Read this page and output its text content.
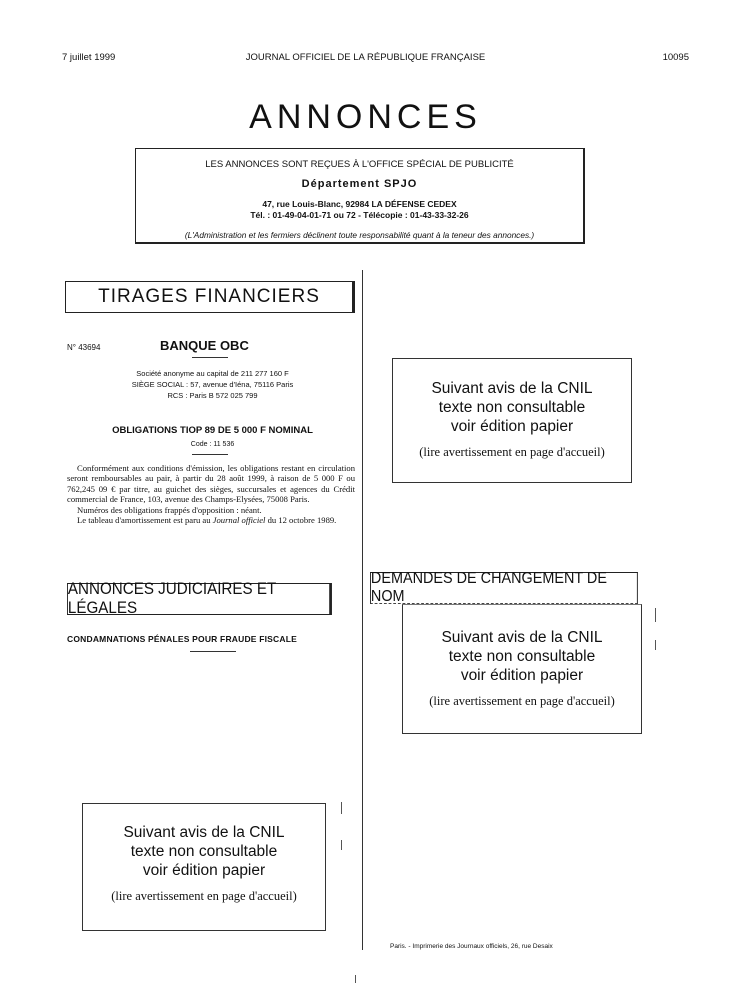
7 juillet 1999	JOURNAL OFFICIEL DE LA RÉPUBLIQUE FRANÇAISE	10095
ANNONCES
LES ANNONCES SONT REÇUES À L'OFFICE SPÉCIAL DE PUBLICITÉ
Département SPJO
47, rue Louis-Blanc, 92984 LA DÉFENSE CEDEX
Tél. : 01-49-04-01-71 ou 72 - Télécopie : 01-43-33-32-26
(L'Administration et les fermiers déclinent toute responsabilité quant à la teneur des annonces.)
TIRAGES FINANCIERS
N° 43694	BANQUE OBC
Société anonyme au capital de 211 277 160 F
SIÈGE SOCIAL : 57, avenue d'Iéna, 75116 Paris
RCS : Paris B 572 025 799
OBLIGATIONS TIOP 89 DE 5 000 F NOMINAL
Code : 11 536

Conformément aux conditions d'émission, les obligations restant en circulation seront remboursables au pair, à partir du 28 août 1999, à raison de 5 000 F ou 762,245 09 € par titre, au guichet des sièges, succursales et agences du Crédit commercial de France, 103, avenue des Champs-Elysées, 75008 Paris.

Numéros des obligations frappés d'opposition : néant.

Le tableau d'amortissement est paru au Journal officiel du 12 octobre 1989.

ANNONCES JUDICIAIRES ET LÉGALES
CONDAMNATIONS PÉNALES POUR FRAUDE FISCALE
Suivant avis de la CNIL
texte non consultable
voir édition papier
(lire avertissement en page d'accueil)
Suivant avis de la CNIL
texte non consultable
voir édition papier
(lire avertissement en page d'accueil)
DEMANDES DE CHANGEMENT DE NOM
Suivant avis de la CNIL
texte non consultable
voir édition papier
(lire avertissement en page d'accueil)
Paris. - Imprimerie des Journaux officiels, 26, rue Desaix
